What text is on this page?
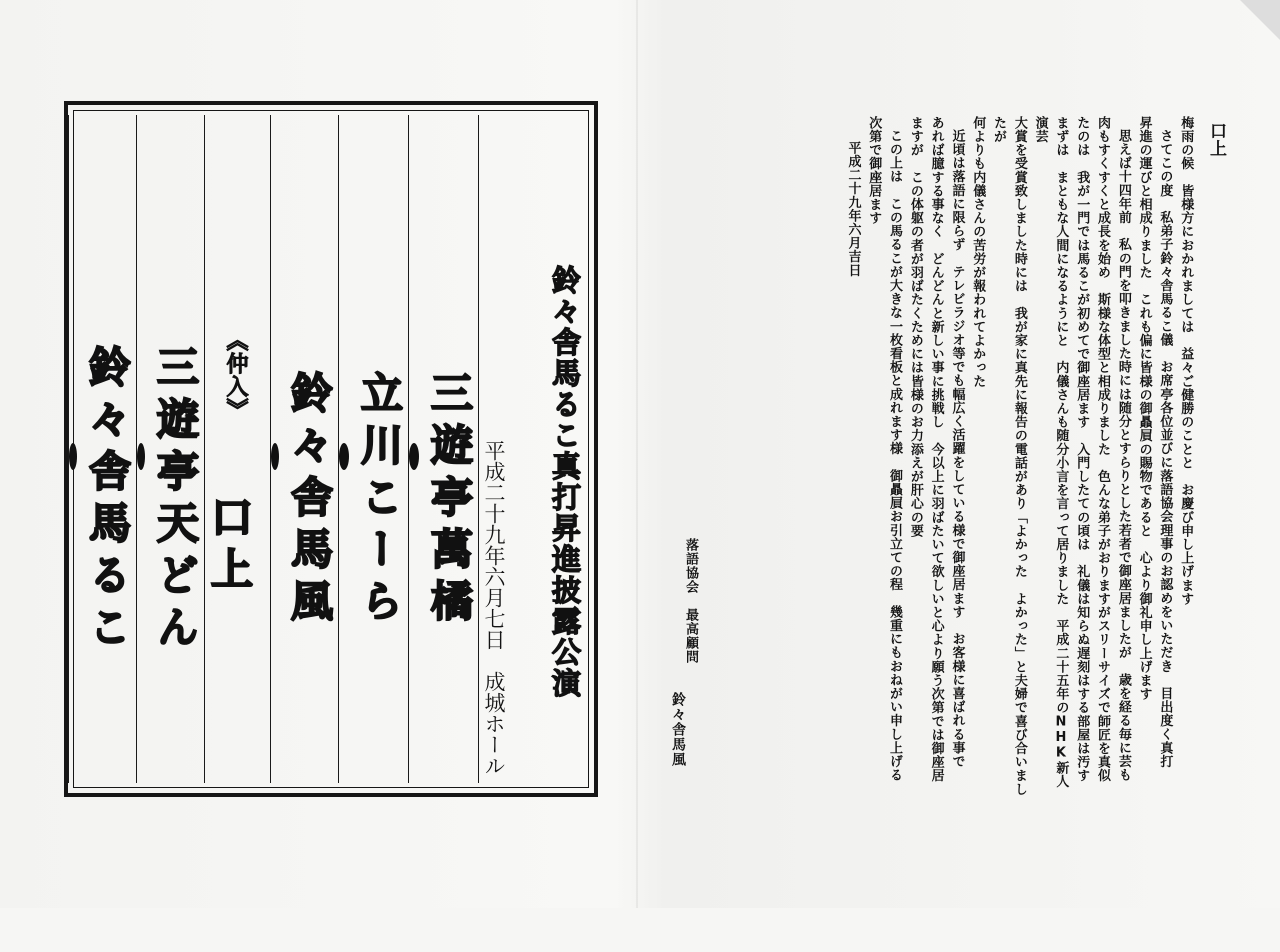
鈴々舎馬るこ真打昇進披露公演
平成二十九年六月七日　成城ホール
三遊亭萬橘
立川こーら
鈴々舎馬風
《仲入》
口上
三遊亭天どん
鈴々舎馬るこ

口上

梅雨の候　皆様方におかれましては　益々ご健勝のことと　お慶び申し上げます

さてこの度　私弟子鈴々舎馬るこ儀　お席亭各位並びに落語協会理事のお認めをいただき　目出度く真打

昇進の運びと相成りました　これも偏に皆様の御贔屓の賜物であると　心より御礼申し上げます

思えば十四年前　私の門を叩きました時には随分とすらりとした若者で御座居ましたが　歳を経る毎に芸も

肉もすくすくと成長を始め　斯様な体型と相成りました　色んな弟子がおりますがスリーサイズで師匠を真似

たのは　我が一門では馬るこが初めてで御座居ます　入門したての頃は　礼儀は知らぬ遅刻はする部屋は汚す

まずは　まともな人間になるようにと　内儀さんも随分小言を言って居りました　平成二十五年のNHK新人演芸

大賞を受賞致しました時には　我が家に真先に報告の電話があり「よかった　よかった」と夫婦で喜び合いましたが

何よりも内儀さんの苦労が報われてよかった

近頃は落語に限らず　テレビラジオ等でも幅広く活躍をしている様で御座居ます　お客様に喜ばれる事で

あれば臆する事なく　どんどんと新しい事に挑戦し　今以上に羽ばたいて欲しいと心より願う次第では御座居

ますが　この体躯の者が羽ばたくためには皆様のお力添えが肝心の要

この上は　この馬るこが大きな一枚看板と成れます様　御贔屓お引立ての程　幾重にもおねがい申し上げる

次第で御座居ます

平成二十九年六月吉日

落語協会　最高顧問
鈴々舎馬風
